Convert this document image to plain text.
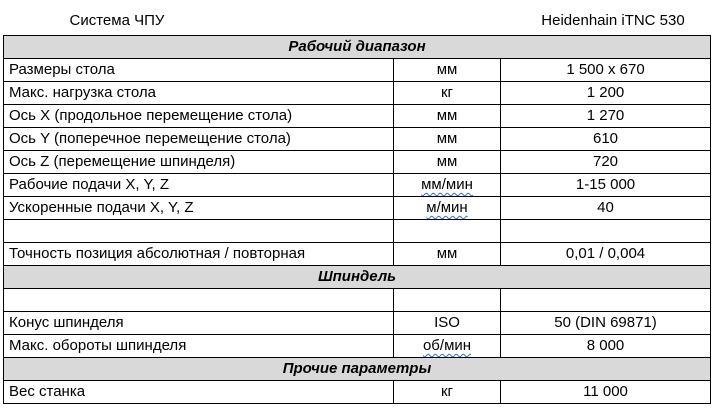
Система ЧПУ		Heidenhain iTNC 530
Рабочий диапазон		
Размеры стола	мм	1 500 x 670
Макс. нагрузка стола	кг	1 200
Ось X (продольное перемещение стола)	мм	1 270
Ось Y (поперечное перемещение стола)	мм	610
Ось Z (перемещение шпинделя)	мм	720
Рабочие подачи X, Y, Z	мм/мин	1-15 000
Ускоренные подачи X, Y, Z	м/мин	40

Точность позиция абсолютная / повторная	мм	0,01 / 0,004
Шпиндель		

Конус шпинделя	ISO	50 (DIN 69871)
Макс. обороты шпинделя	об/мин	8 000
Прочие параметры		
Вес станка	кг	11 000
